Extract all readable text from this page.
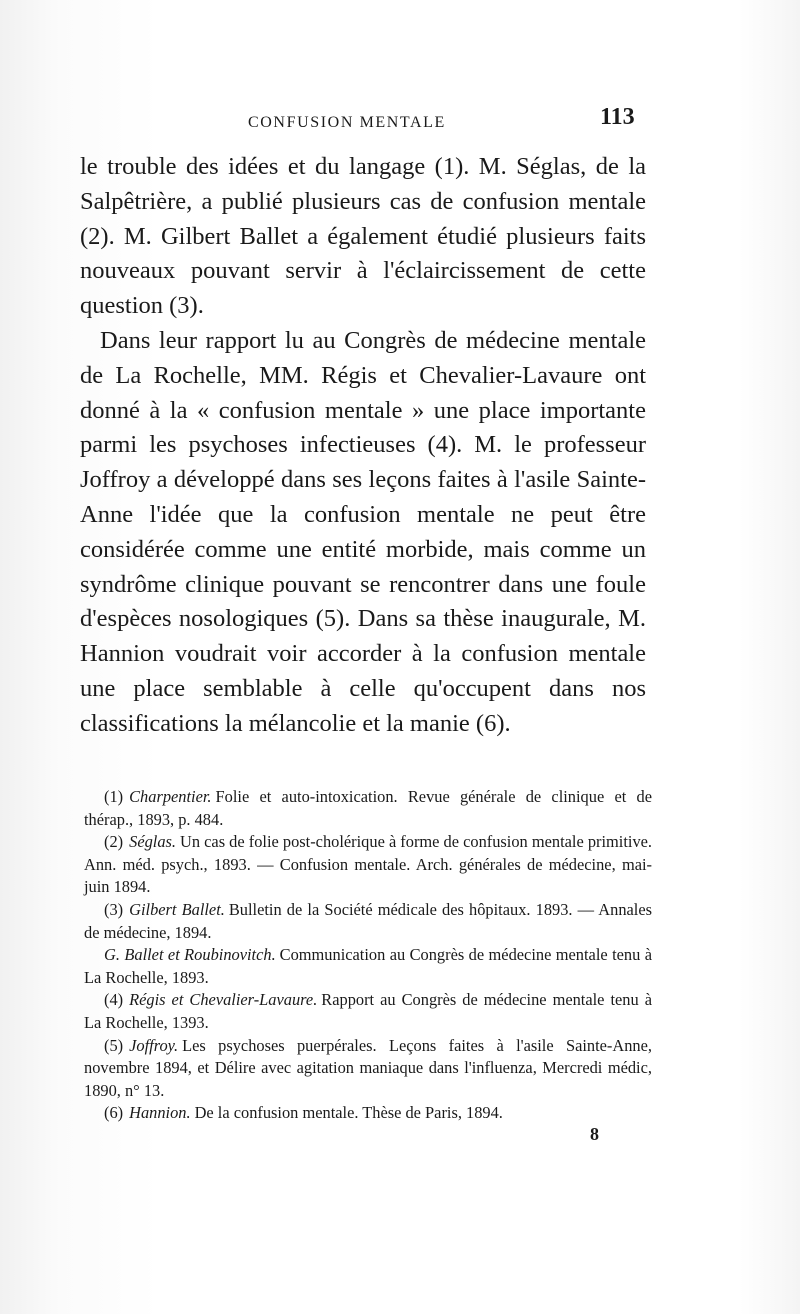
CONFUSION MENTALE	113

le trouble des idées et du langage (1). M. Séglas, de la Salpêtrière, a publié plusieurs cas de confusion mentale (2). M. Gilbert Ballet a également étudié plusieurs faits nouveaux pouvant servir à l'éclaircissement de cette question (3).

Dans leur rapport lu au Congrès de médecine mentale de La Rochelle, MM. Régis et Chevalier-Lavaure ont donné à la « confusion mentale » une place importante parmi les psychoses infectieuses (4). M. le professeur Joffroy a développé dans ses leçons faites à l'asile Sainte-Anne l'idée que la confusion mentale ne peut être considérée comme une entité morbide, mais comme un syndrôme clinique pouvant se rencontrer dans une foule d'espèces nosologiques (5). Dans sa thèse inaugurale, M. Hannion voudrait voir accorder à la confusion mentale une place semblable à celle qu'occupent dans nos classifications la mélancolie et la manie (6).

(1) Charpentier. Folie et auto-intoxication. Revue générale de clinique et de thérap., 1893, p. 484.

(2) Séglas. Un cas de folie post-cholérique à forme de confusion mentale primitive. Ann. méd. psych., 1893. — Confusion mentale. Arch. générales de médecine, mai-juin 1894.

(3) Gilbert Ballet. Bulletin de la Société médicale des hôpitaux. 1893. — Annales de médecine, 1894.

G. Ballet et Roubinovitch. Communication au Congrès de médecine mentale tenu à La Rochelle, 1893.

(4) Régis et Chevalier-Lavaure. Rapport au Congrès de médecine mentale tenu à La Rochelle, 1393.

(5) Joffroy. Les psychoses puerpérales. Leçons faites à l'asile Sainte-Anne, novembre 1894, et Délire avec agitation maniaque dans l'influenza, Mercredi médic, 1890, n° 13.

(6) Hannion. De la confusion mentale. Thèse de Paris, 1894.

8
